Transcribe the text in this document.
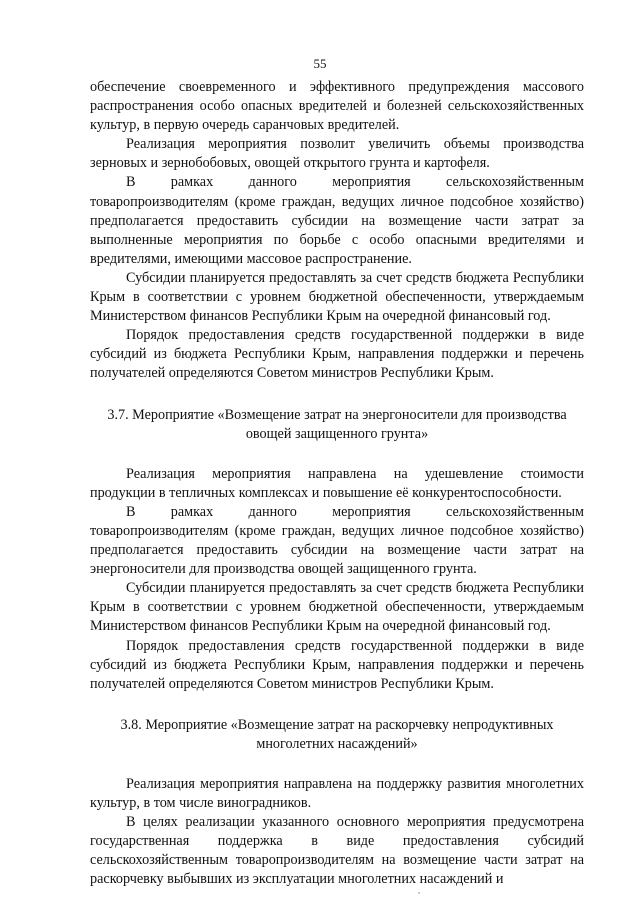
55

обеспечение своевременного и эффективного предупреждения массового распространения особо опасных вредителей и болезней сельскохозяйственных культур, в первую очередь саранчовых вредителей.

Реализация мероприятия позволит увеличить объемы производства зерновых и зернобобовых, овощей открытого грунта и картофеля.

В рамках данного мероприятия сельскохозяйственным товаропроизводителям (кроме граждан, ведущих личное подсобное хозяйство) предполагается предоставить субсидии на возмещение части затрат за выполненные мероприятия по борьбе с особо опасными вредителями и вредителями, имеющими массовое распространение.

Субсидии планируется предоставлять за счет средств бюджета Республики Крым в соответствии с уровнем бюджетной обеспеченности, утверждаемым Министерством финансов Республики Крым на очередной финансовый год.

Порядок предоставления средств государственной поддержки в виде субсидий из бюджета Республики Крым, направления поддержки и перечень получателей определяются Советом министров Республики Крым.

3.7. Мероприятие «Возмещение затрат на энергоносители для производства
овощей защищенного грунта»

Реализация мероприятия направлена на удешевление стоимости продукции в тепличных комплексах и повышение её конкурентоспособности.

В рамках данного мероприятия сельскохозяйственным товаропроизводителям (кроме граждан, ведущих личное подсобное хозяйство) предполагается предоставить субсидии на возмещение части затрат на энергоносители для производства овощей защищенного грунта.

Субсидии планируется предоставлять за счет средств бюджета Республики Крым в соответствии с уровнем бюджетной обеспеченности, утверждаемым Министерством финансов Республики Крым на очередной финансовый год.

Порядок предоставления средств государственной поддержки в виде субсидий из бюджета Республики Крым, направления поддержки и перечень получателей определяются Советом министров Республики Крым.

3.8. Мероприятие «Возмещение затрат на раскорчевку непродуктивных
многолетних насаждений»

Реализация мероприятия направлена на поддержку развития многолетних культур, в том числе виноградников.

В целях реализации указанного основного мероприятия предусмотрена государственная поддержка в виде предоставления субсидий сельскохозяйственным товаропроизводителям на возмещение части затрат на раскорчевку выбывших из эксплуатации многолетних насаждений и
